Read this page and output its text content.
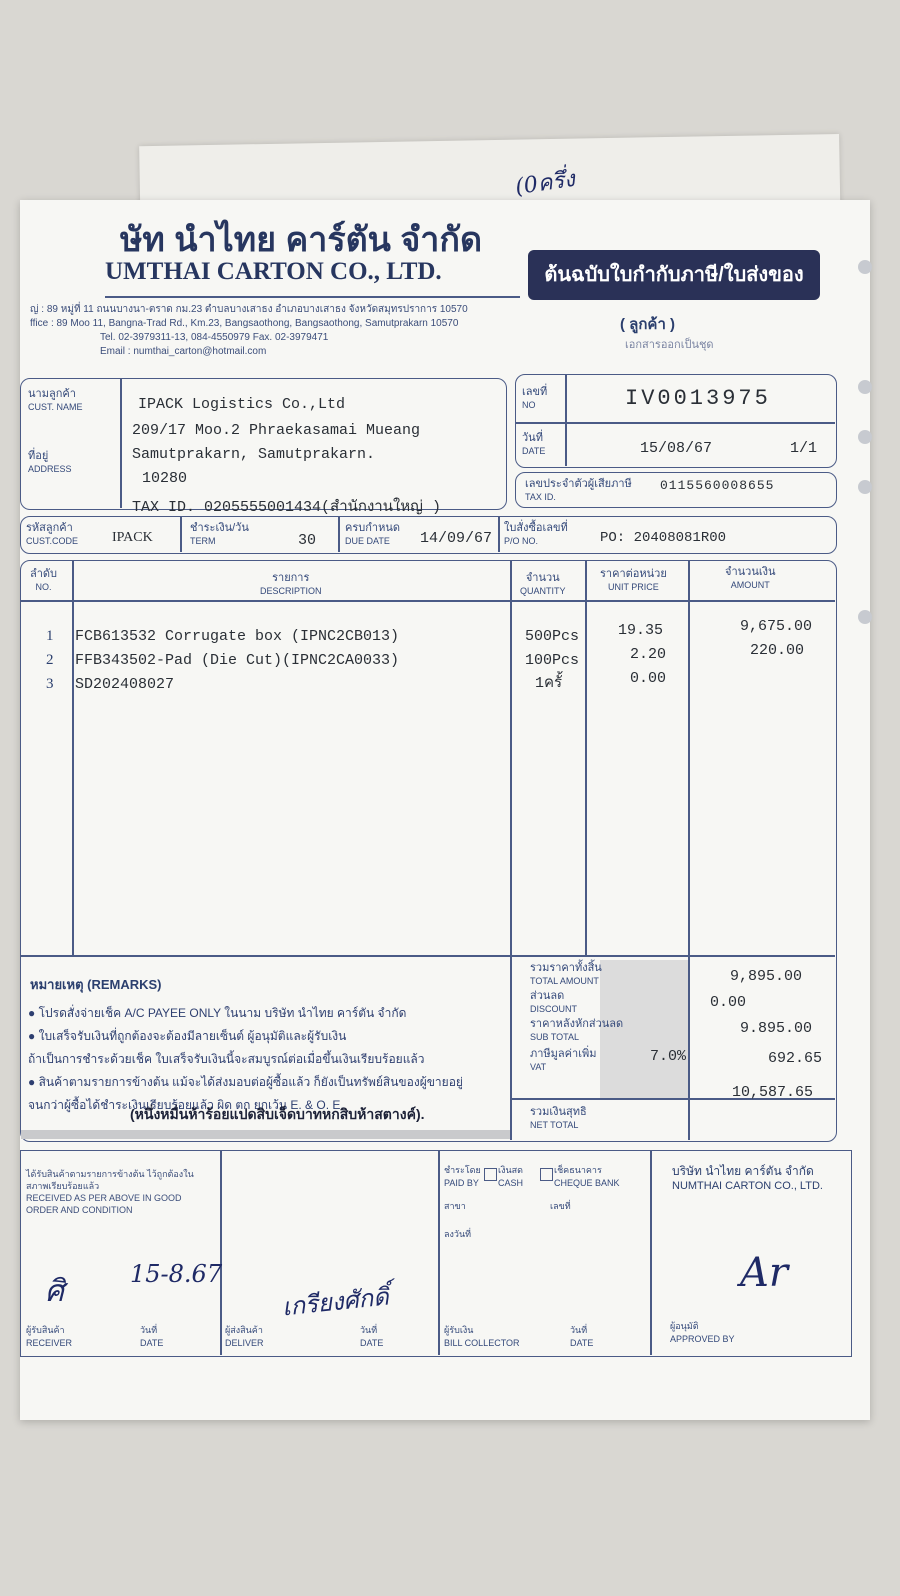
(0ครึ่ง
ษัท นำไทย คาร์ตัน จำกัด
UMTHAI CARTON CO., LTD.
ญ่ : 89 หมู่ที่ 11 ถนนบางนา-ตราด กม.23 ตำบลบางเสาธง อำเภอบางเสาธง จังหวัดสมุทรปราการ 10570
ffice : 89 Moo 11, Bangna-Trad Rd., Km.23, Bangsaothong, Bangsaothong, Samutprakarn 10570
Tel. 02-3979311-13, 084-4550979 Fax. 02-3979471
Email : numthai_carton@hotmail.com
ต้นฉบับใบกำกับภาษี/ใบส่งของ
( ลูกค้า )
เอกสารออกเป็นชุด
นามลูกค้า
CUST. NAME	IPACK Logistics Co.,Ltd
209/17 Moo.2 Phraekasamai Mueang
ที่อยู่
ADDRESS
Samutprakarn, Samutprakarn.
10280
TAX ID. 0205555001434(สำนักงานใหญ่ )
เลขที่
NO	IV0013975
วันที่
DATE	15/08/67	1/1
เลขประจำตัวผู้เสียภาษี
TAX ID.
0115560008655
รหัสลูกค้า
CUST.CODE IPACK
ชำระเงิน/วัน
TERM	30
ครบกำหนด
DUE DATE	14/09/67
ใบสั่งซื้อเลขที่
P/O NO.	PO: 20408081R00
ลำดับ
NO.
รายการ
DESCRIPTION
จำนวน
QUANTITY
ราคาต่อหน่วย
UNIT PRICE
จำนวนเงิน
AMOUNT
1 FCB613532 Corrugate box (IPNC2CB013)	500Pcs	19.35	9,675.00
2 FFB343502-Pad (Die Cut)(IPNC2CA0033)	100Pcs	2.20	220.00
3 SD202408027	1ครั้	0.00
หมายเหตุ (REMARKS)
● โปรดสั่งจ่ายเช็ค A/C PAYEE ONLY ในนาม บริษัท นำไทย คาร์ตัน จำกัด
● ใบเสร็จรับเงินที่ถูกต้องจะต้องมีลายเซ็นต์ ผู้อนุมัติและผู้รับเงิน
ถ้าเป็นการชำระด้วยเช็ค ใบเสร็จรับเงินนี้จะสมบูรณ์ต่อเมื่อขึ้นเงินเรียบร้อยแล้ว
● สินค้าตามรายการข้างต้น แม้จะได้ส่งมอบต่อผู้ซื้อแล้ว ก็ยังเป็นทรัพย์สินของผู้ขายอยู่
จนกว่าผู้ซื้อได้ชำระเงินเรียบร้อยแล้ว ผิด ตก ยกเว้น E. & O. E.
(หนึ่งหมื่นห้าร้อยแปดสิบเจ็ดบาทหกสิบห้าสตางค์).
รวมราคาทั้งสิ้น
TOTAL AMOUNT	9,895.00
ส่วนลด
DISCOUNT	0.00
ราคาหลังหักส่วนลด
SUB TOTAL	9.895.00
ภาษีมูลค่าเพิ่ม
VAT
7.0%	692.65
รวมเงินสุทธิ
NET TOTAL
10,587.65
ได้รับสินค้าตามรายการข้างต้น ไว้ถูกต้องในสภาพเรียบร้อยแล้ว
RECEIVED AS PER ABOVE IN GOOD ORDER AND CONDITION
ศิ	15-8.67
ผู้รับสินค้า
RECEIVER
วันที่
DATE
เกรียงศักดิ์
ผู้ส่งสินค้า
DELIVER
วันที่
DATE
ชำระโดย
PAID BY
เงินสด
CASH
เช็คธนาคาร
CHEQUE BANK
สาขา	เลขที่
ลงวันที่
ผู้รับเงิน
BILL COLLECTOR
วันที่
DATE
บริษัท นำไทย คาร์ตัน จำกัด
NUMTHAI CARTON CO., LTD.
Ar
ผู้อนุมัติ
APPROVED BY
